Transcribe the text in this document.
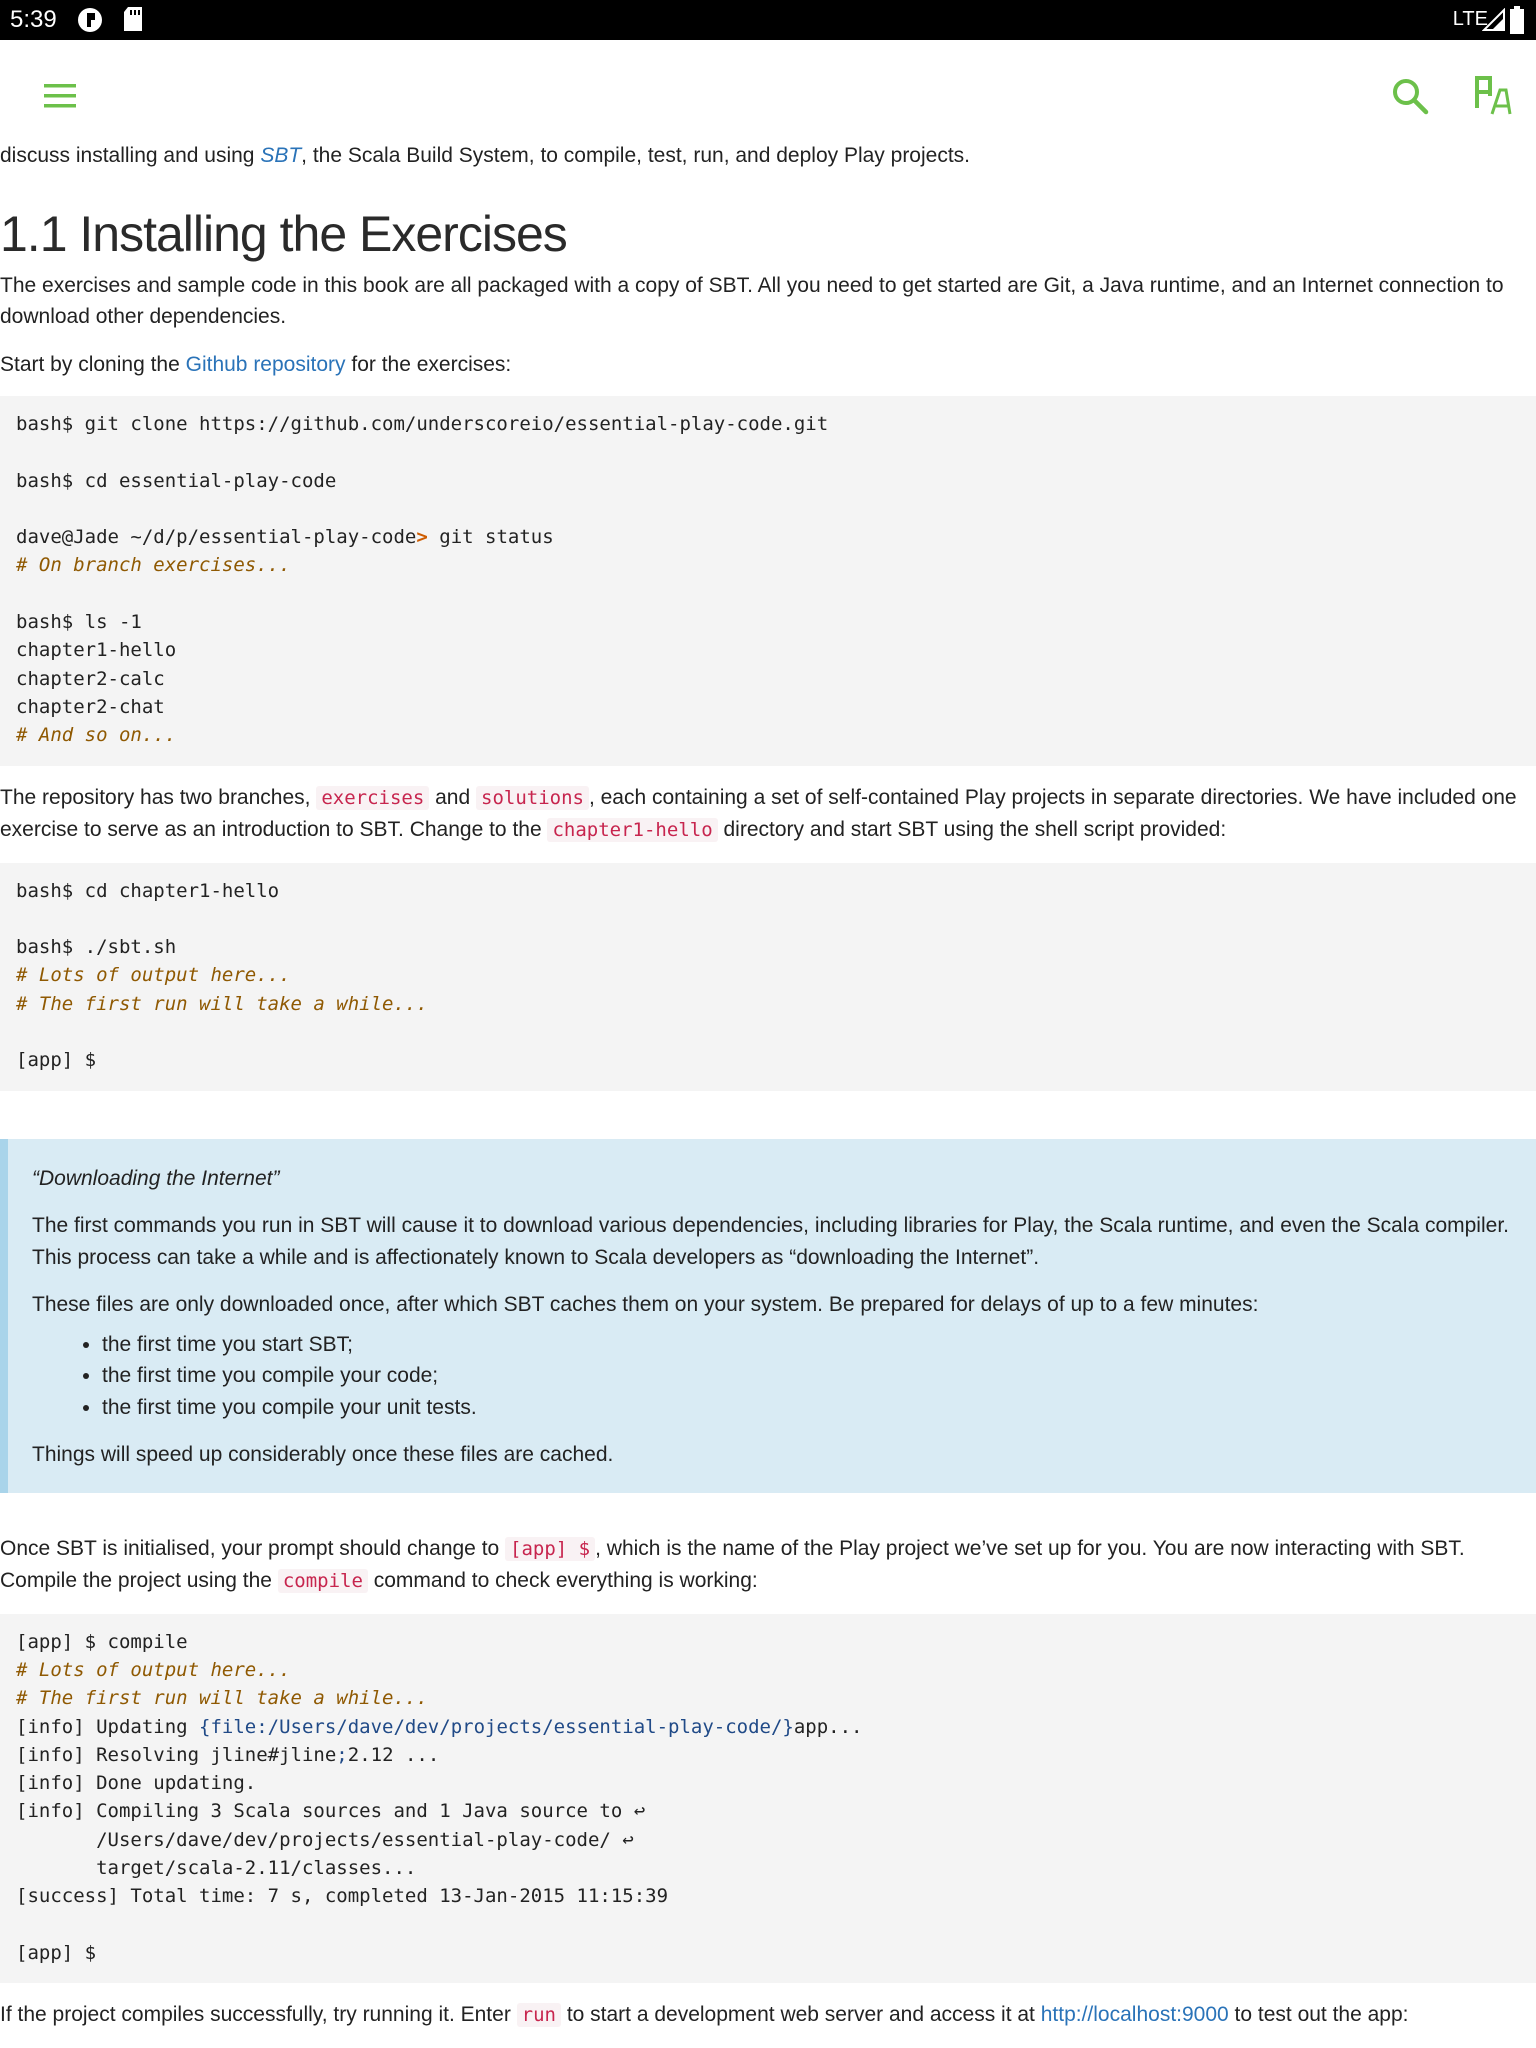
5:39	LTE

discuss installing and using SBT, the Scala Build System, to compile, test, run, and deploy Play projects.

1.1 Installing the Exercises

The exercises and sample code in this book are all packaged with a copy of SBT. All you need to get started are Git, a Java runtime, and an Internet connection to download other dependencies.

Start by cloning the Github repository for the exercises:

bash$ git clone https://github.com/underscoreio/essential-play-code.git

bash$ cd essential-play-code

dave@Jade ~/d/p/essential-play-code> git status
# On branch exercises...

bash$ ls -1
chapter1-hello
chapter2-calc
chapter2-chat
# And so on...

The repository has two branches, exercises and solutions , each containing a set of self-contained Play projects in separate directories. We have included one exercise to serve as an introduction to SBT. Change to the chapter1-hello directory and start SBT using the shell script provided:

bash$ cd chapter1-hello

bash$ ./sbt.sh
# Lots of output here...
# The first run will take a while...

[app] $

“Downloading the Internet”

The first commands you run in SBT will cause it to download various dependencies, including libraries for Play, the Scala runtime, and even the Scala compiler. This process can take a while and is affectionately known to Scala developers as “downloading the Internet”.

These files are only downloaded once, after which SBT caches them on your system. Be prepared for delays of up to a few minutes:

• the first time you start SBT;
• the first time you compile your code;
• the first time you compile your unit tests.

Things will speed up considerably once these files are cached.

Once SBT is initialised, your prompt should change to [app] $ , which is the name of the Play project we’ve set up for you. You are now interacting with SBT. Compile the project using the compile command to check everything is working:

[app] $ compile
# Lots of output here...
# The first run will take a while...
[info] Updating {file:/Users/dave/dev/projects/essential-play-code/}app...
[info] Resolving jline#jline;2.12 ...
[info] Done updating.
[info] Compiling 3 Scala sources and 1 Java source to ↩
/Users/dave/dev/projects/essential-play-code/ ↩
target/scala-2.11/classes...
[success] Total time: 7 s, completed 13-Jan-2015 11:15:39

[app] $

If the project compiles successfully, try running it. Enter run to start a development web server and access it at http://localhost:9000 to test out the app:
